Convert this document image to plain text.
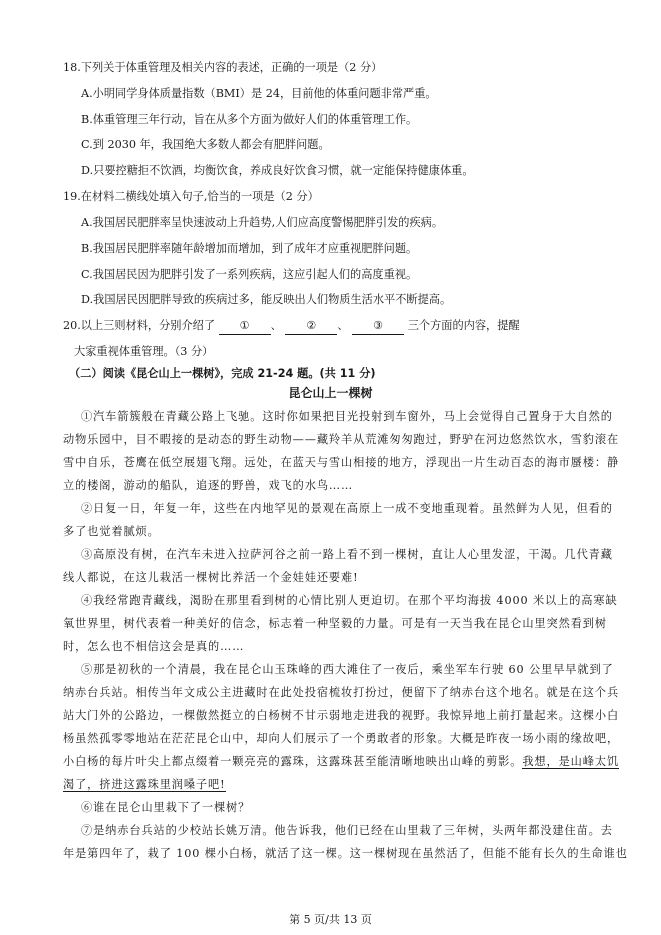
18.下列关于体重管理及相关内容的表述，正确的一项是（2 分）
A.小明同学身体质量指数（BMI）是 24，目前他的体重问题非常严重。
B.体重管理三年行动，旨在从多个方面为做好人们的体重管理工作。
C.到 2030 年，我国绝大多数人都会有肥胖问题。
D.只要控糖拒不饮酒，均衡饮食，养成良好饮食习惯，就一定能保持健康体重。
19.在材料二横线处填入句子,恰当的一项是（2 分）
A.我国居民肥胖率呈快速波动上升趋势,人们应高度警惕肥胖引发的疾病。
B.我国居民肥胖率随年龄增加而增加，到了成年才应重视肥胖问题。
C.我国居民因为肥胖引发了一系列疾病，这应引起人们的高度重视。
D.我国居民因肥胖导致的疾病过多，能反映出人们物质生活水平不断提高。
20.以上三则材料，分别介绍了 ① 、 ② 、 ③ 三个方面的内容，提醒
大家重视体重管理。（3 分）
（二）阅读《昆仑山上一棵树》，完成 21-24 题。(共 11 分)
昆仑山上一棵树
①汽车箭簇般在青藏公路上飞驰。这时你如果把目光投射到车窗外，马上会觉得自己置身于大自然的
动物乐园中，目不暇接的是动态的野生动物——藏羚羊从荒滩匆匆跑过，野驴在河边悠然饮水，雪豹滚在
雪中自乐，苍鹰在低空展翅飞翔。远处，在蓝天与雪山相接的地方，浮现出一片生动百态的海市蜃楼：静
立的楼阁，游动的船队，追逐的野兽，戏飞的水鸟……
②日复一日，年复一年，这些在内地罕见的景观在高原上一成不变地重现着。虽然鲜为人见，但看的
多了也觉着腻烦。
③高原没有树，在汽车未进入拉萨河谷之前一路上看不到一棵树，直让人心里发涩，干渴。几代青藏
线人都说，在这儿栽活一棵树比养活一个金娃娃还要难!
④我经常跑青藏线，渴盼在那里看到树的心情比别人更迫切。在那个平均海拔 4000 米以上的高寒缺
氧世界里，树代表着一种美好的信念，标志着一种坚毅的力量。可是有一天当我在昆仑山里突然看到树
时，怎么也不相信这会是真的……
⑤那是初秋的一个清晨，我在昆仑山玉珠峰的西大滩住了一夜后，乘坐军车行驶 60 公里早早就到了
纳赤台兵站。相传当年文成公主进藏时在此处投宿梳妆打扮过，便留下了纳赤台这个地名。就是在这个兵
站大门外的公路边，一棵傲然挺立的白杨树不甘示弱地走进我的视野。我惊异地上前打量起来。这棵小白
杨虽然孤零零地站在茫茫昆仑山中，却向人们展示了一个勇敢者的形象。大概是昨夜一场小雨的缘故吧，
小白杨的每片叶尖上都点缀着一颗亮亮的露珠，这露珠甚至能清晰地映出山峰的剪影。我想，是山峰太饥
渴了，挤进这露珠里润嗓子吧!
⑥谁在昆仑山里栽下了一棵树？
⑦是纳赤台兵站的少校站长姚万清。他告诉我，他们已经在山里栽了三年树，头两年都没建住苗。去
年是第四年了，栽了 100 棵小白杨，就活了这一棵。这一棵树现在虽然活了，但能不能有长久的生命谁也
第 5 页/共 13 页
